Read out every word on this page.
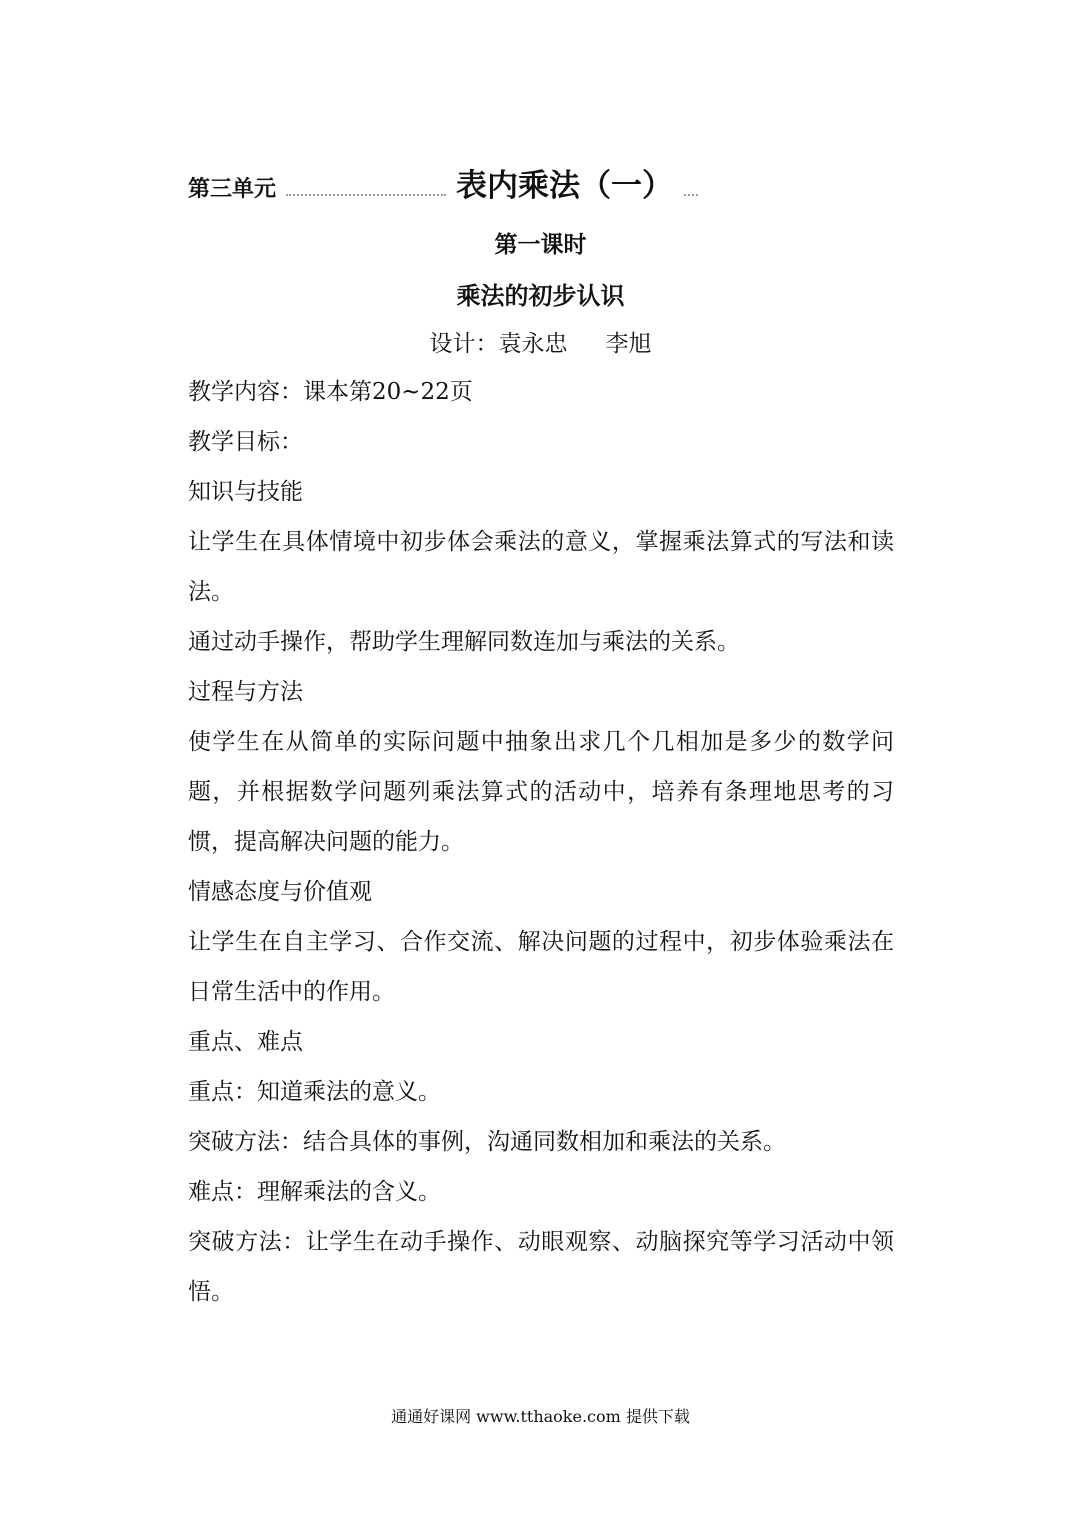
第三单元	表内乘法（一）
第一课时
乘法的初步认识
设计：袁永忠 李旭

教学内容：课本第20~22页

教学目标：

知识与技能

让学生在具体情境中初步体会乘法的意义，掌握乘法算式的写法和读法。

通过动手操作，帮助学生理解同数连加与乘法的关系。

过程与方法

使学生在从简单的实际问题中抽象出求几个几相加是多少的数学问题，并根据数学问题列乘法算式的活动中，培养有条理地思考的习惯，提高解决问题的能力。

情感态度与价值观

让学生在自主学习、合作交流、解决问题的过程中，初步体验乘法在日常生活中的作用。

重点、难点

重点：知道乘法的意义。

突破方法：结合具体的事例，沟通同数相加和乘法的关系。

难点：理解乘法的含义。

突破方法：让学生在动手操作、动眼观察、动脑探究等学习活动中领悟。

通通好课网 www.tthaoke.com 提供下载
